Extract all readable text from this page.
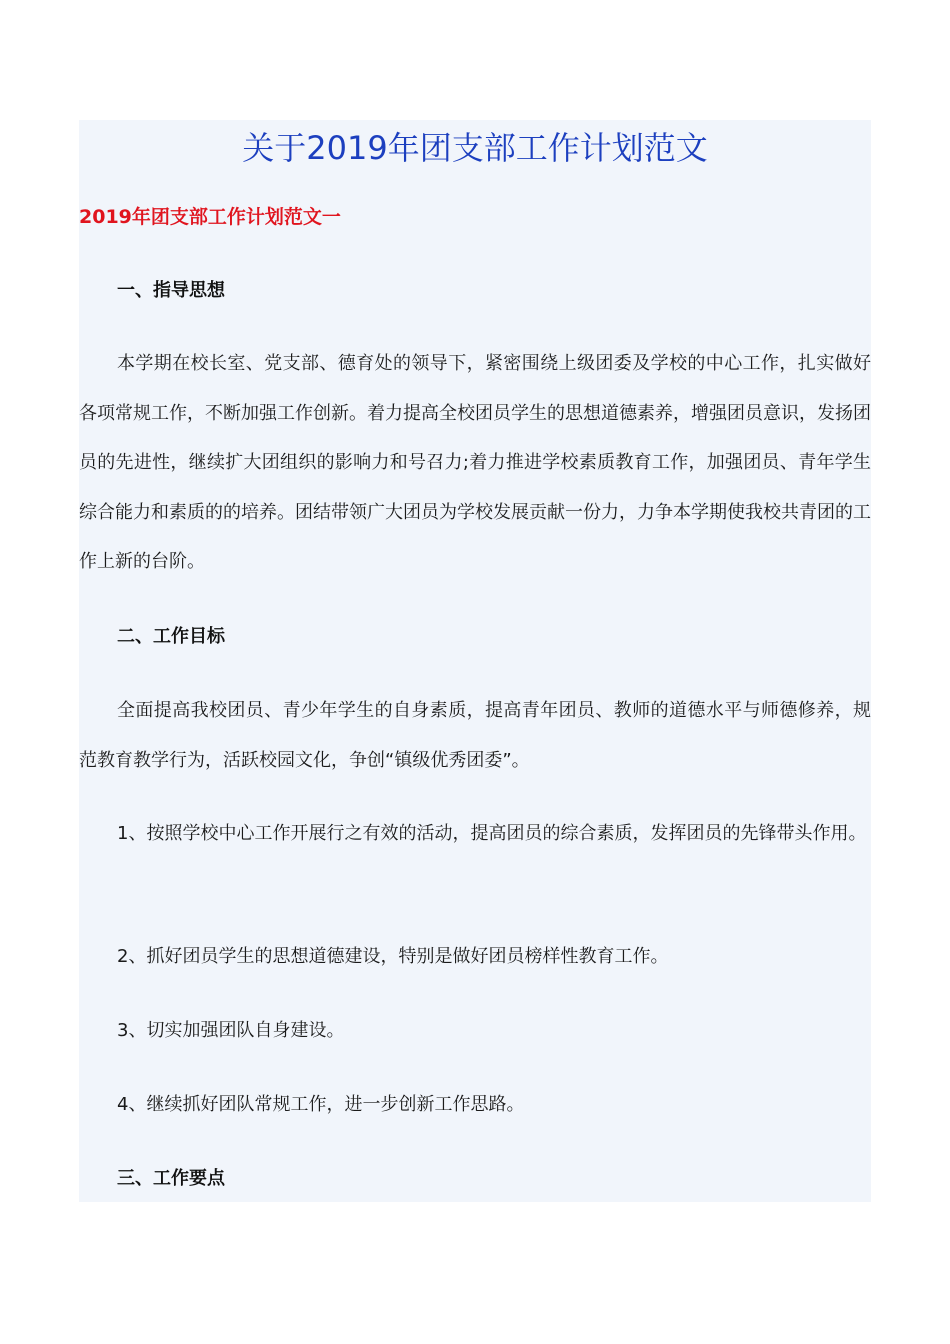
关于2019年团支部工作计划范文
2019年团支部工作计划范文一
一、指导思想

本学期在校长室、党支部、德育处的领导下，紧密围绕上级团委及学校的中心工作，扎实做好各项常规工作，不断加强工作创新。着力提高全校团员学生的思想道德素养，增强团员意识，发扬团员的先进性，继续扩大团组织的影响力和号召力;着力推进学校素质教育工作，加强团员、青年学生综合能力和素质的的培养。团结带领广大团员为学校发展贡献一份力，力争本学期使我校共青团的工作上新的台阶。

二、工作目标

全面提高我校团员、青少年学生的自身素质，提高青年团员、教师的道德水平与师德修养，规范教育教学行为，活跃校园文化，争创“镇级优秀团委”。

1、按照学校中心工作开展行之有效的活动，提高团员的综合素质，发挥团员的先锋带头作用。

2、抓好团员学生的思想道德建设，特别是做好团员榜样性教育工作。

3、切实加强团队自身建设。

4、继续抓好团队常规工作，进一步创新工作思路。

三、工作要点
